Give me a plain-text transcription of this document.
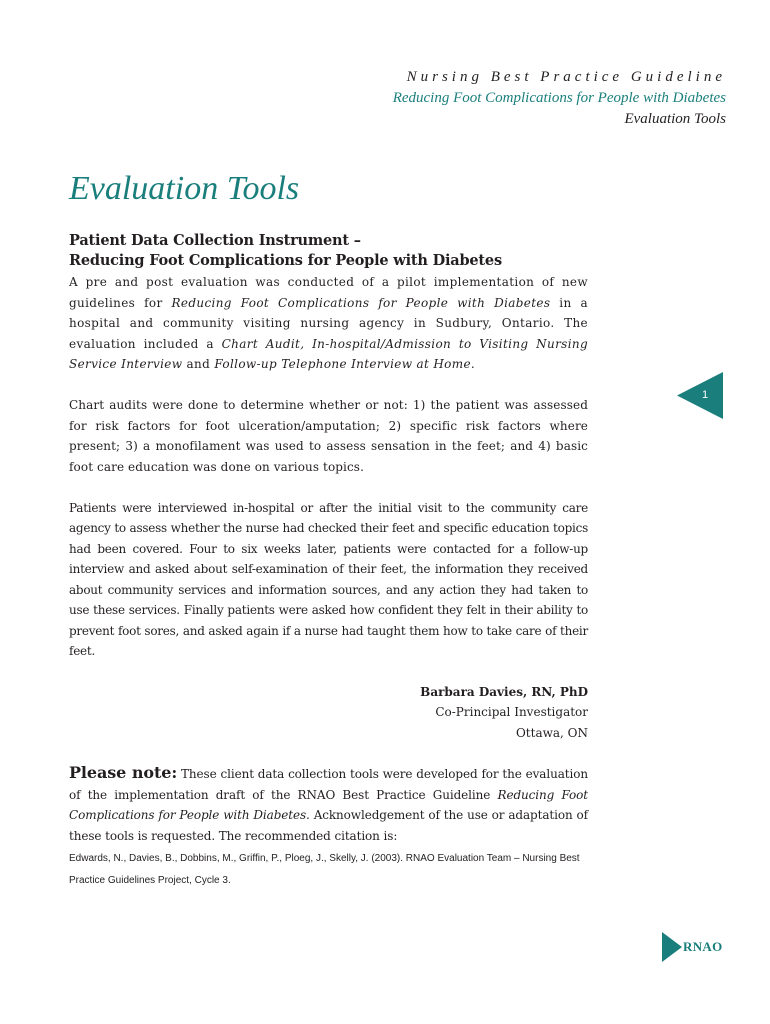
Nursing Best Practice Guideline
Reducing Foot Complications for People with Diabetes
Evaluation Tools
Evaluation Tools
Patient Data Collection Instrument –
Reducing Foot Complications for People with Diabetes

A pre and post evaluation was conducted of a pilot implementation of new guidelines for Reducing Foot Complications for People with Diabetes in a hospital and community visiting nursing agency in Sudbury, Ontario. The evaluation included a Chart Audit, In-hospital/Admission to Visiting Nursing Service Interview and Follow-up Telephone Interview at Home.

Chart audits were done to determine whether or not: 1) the patient was assessed for risk factors for foot ulceration/amputation; 2) specific risk factors where present; 3) a monofilament was used to assess sensation in the feet; and 4) basic foot care education was done on various topics.

Patients were interviewed in-hospital or after the initial visit to the community care agency to assess whether the nurse had checked their feet and specific education topics had been covered. Four to six weeks later, patients were contacted for a follow-up interview and asked about self-examination of their feet, the information they received about community services and information sources, and any action they had taken to use these services. Finally patients were asked how confident they felt in their ability to prevent foot sores, and asked again if a nurse had taught them how to take care of their feet.

Barbara Davies, RN, PhD
Co-Principal Investigator
Ottawa, ON

Please note: These client data collection tools were developed for the evaluation of the implementation draft of the RNAO Best Practice Guideline Reducing Foot Complications for People with Diabetes. Acknowledgement of the use or adaptation of these tools is requested. The recommended citation is:

Edwards, N., Davies, B., Dobbins, M., Griffin, P., Ploeg, J., Skelly, J. (2003). RNAO Evaluation Team – Nursing Best Practice Guidelines Project, Cycle 3.
1
RNAO
